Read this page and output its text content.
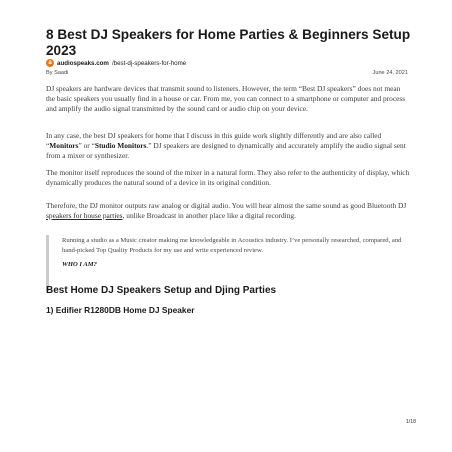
8 Best DJ Speakers for Home Parties & Beginners Setup 2023
a audiospeaks.com /best-dj-speakers-for-home
By Saadi	June 24, 2021

DJ speakers are hardware devices that transmit sound to listeners. However, the term “Best DJ speakers” does not mean the basic speakers you usually find in a house or car. From me, you can connect to a smartphone or computer and process and amplify the audio signal transmitted by the sound card or audio chip on your device.

In any case, the best DJ speakers for home that I discuss in this guide work slightly differently and are also called “Monitors” or “Studio Monitors.” DJ speakers are designed to dynamically and accurately amplify the audio signal sent from a mixer or synthesizer.

The monitor itself reproduces the sound of the mixer in a natural form. They also refer to the authenticity of display, which dynamically produces the natural sound of a device in its original condition.

Therefore, the DJ monitor outputs raw analog or digital audio. You will hear almost the same sound as good Bluetooth DJ speakers for house parties, unlike Broadcast in another place like a digital recording.

Running a studio as a Music creator making me knowledgeable in Acoustics industry. I’ve personally researched, compared, and hand-picked Top Quality Products for my use and write experienced review.

WHO I AM?

Best Home DJ Speakers Setup and Djing Parties
1) Edifier R1280DB Home DJ Speaker
1/18
